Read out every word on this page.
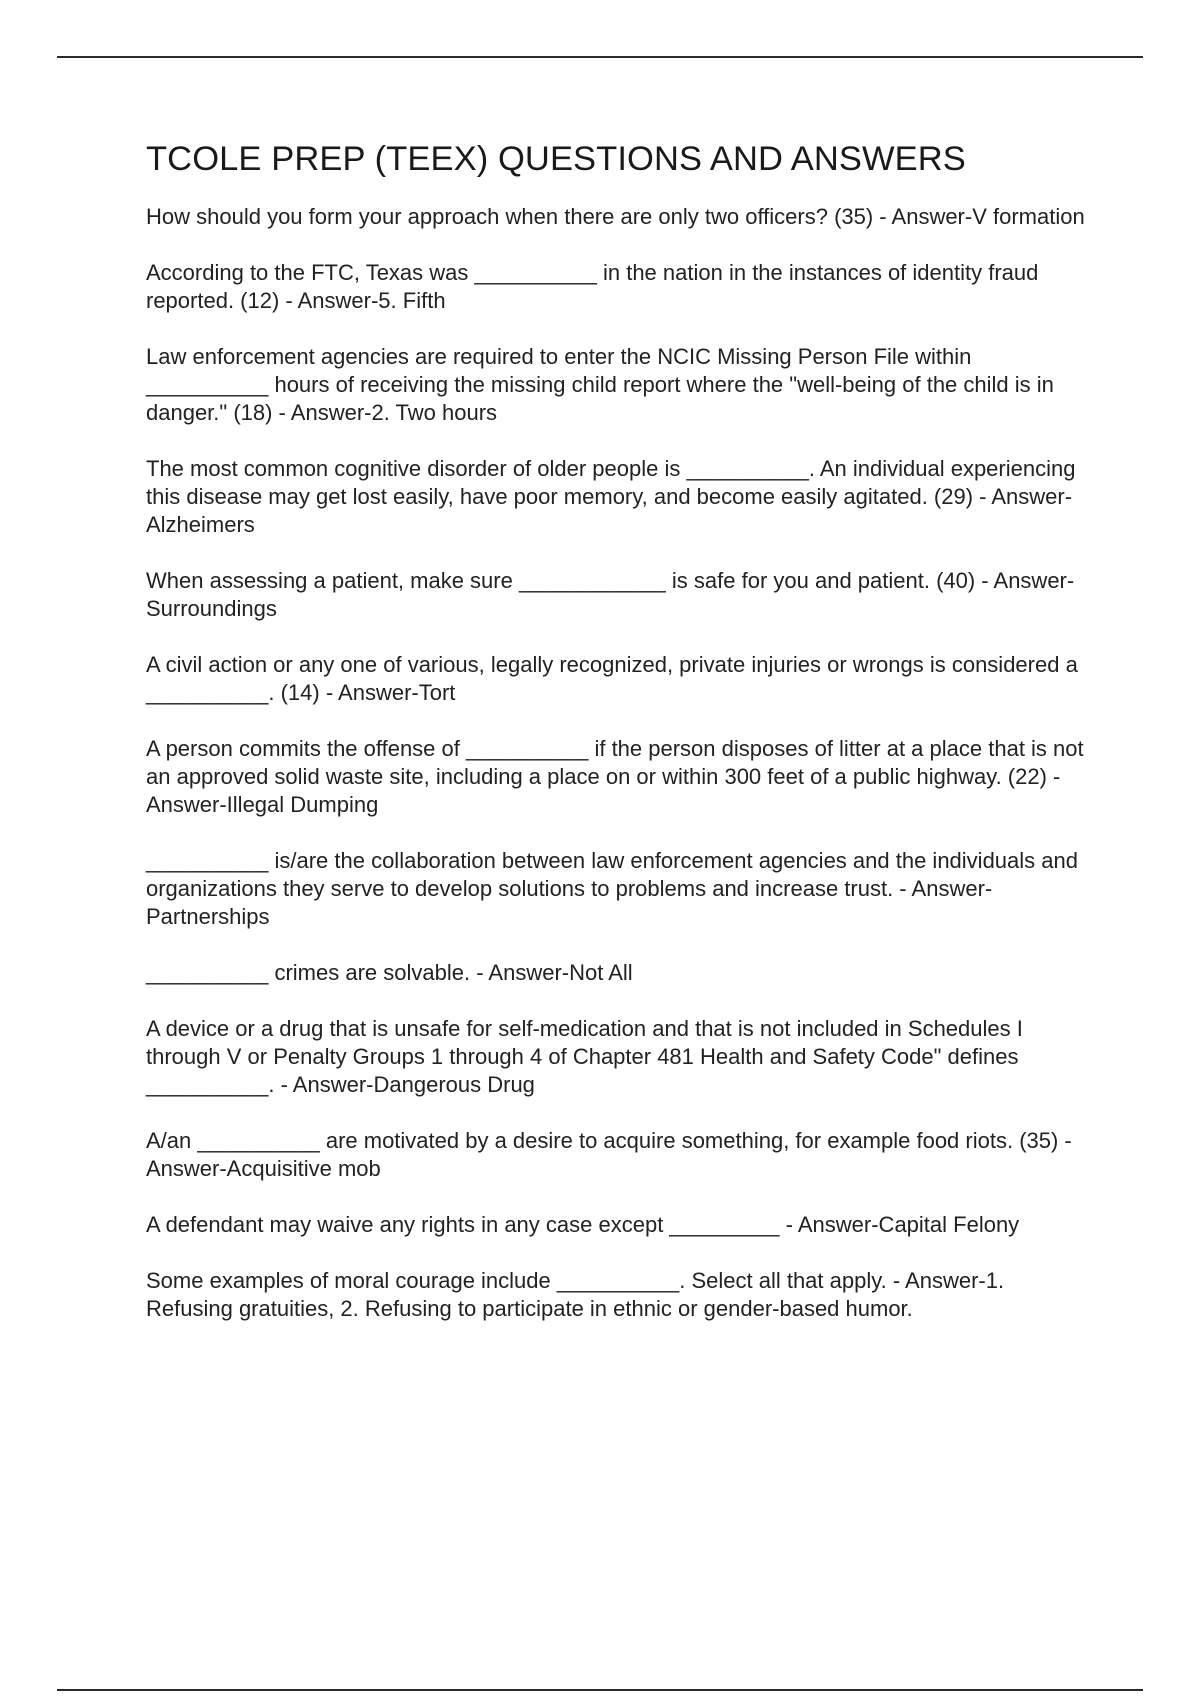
TCOLE PREP (TEEX) QUESTIONS AND ANSWERS

How should you form your approach when there are only two officers? (35) - Answer-V formation

According to the FTC, Texas was __________ in the nation in the instances of identity fraud reported. (12) - Answer-5. Fifth

Law enforcement agencies are required to enter the NCIC Missing Person File within __________ hours of receiving the missing child report where the "well-being of the child is in danger." (18) - Answer-2. Two hours

The most common cognitive disorder of older people is __________. An individual experiencing this disease may get lost easily, have poor memory, and become easily agitated. (29) - Answer-Alzheimers

When assessing a patient, make sure ____________ is safe for you and patient. (40) - Answer-Surroundings

A civil action or any one of various, legally recognized, private injuries or wrongs is considered a __________. (14) - Answer-Tort

A person commits the offense of __________ if the person disposes of litter at a place that is not an approved solid waste site, including a place on or within 300 feet of a public highway. (22) - Answer-Illegal Dumping

__________ is/are the collaboration between law enforcement agencies and the individuals and organizations they serve to develop solutions to problems and increase trust. - Answer-Partnerships

__________ crimes are solvable. - Answer-Not All

A device or a drug that is unsafe for self-medication and that is not included in Schedules I through V or Penalty Groups 1 through 4 of Chapter 481 Health and Safety Code" defines __________. - Answer-Dangerous Drug

A/an __________ are motivated by a desire to acquire something, for example food riots. (35) - Answer-Acquisitive mob

A defendant may waive any rights in any case except _________ - Answer-Capital Felony

Some examples of moral courage include __________. Select all that apply. - Answer-1. Refusing gratuities, 2. Refusing to participate in ethnic or gender-based humor.
